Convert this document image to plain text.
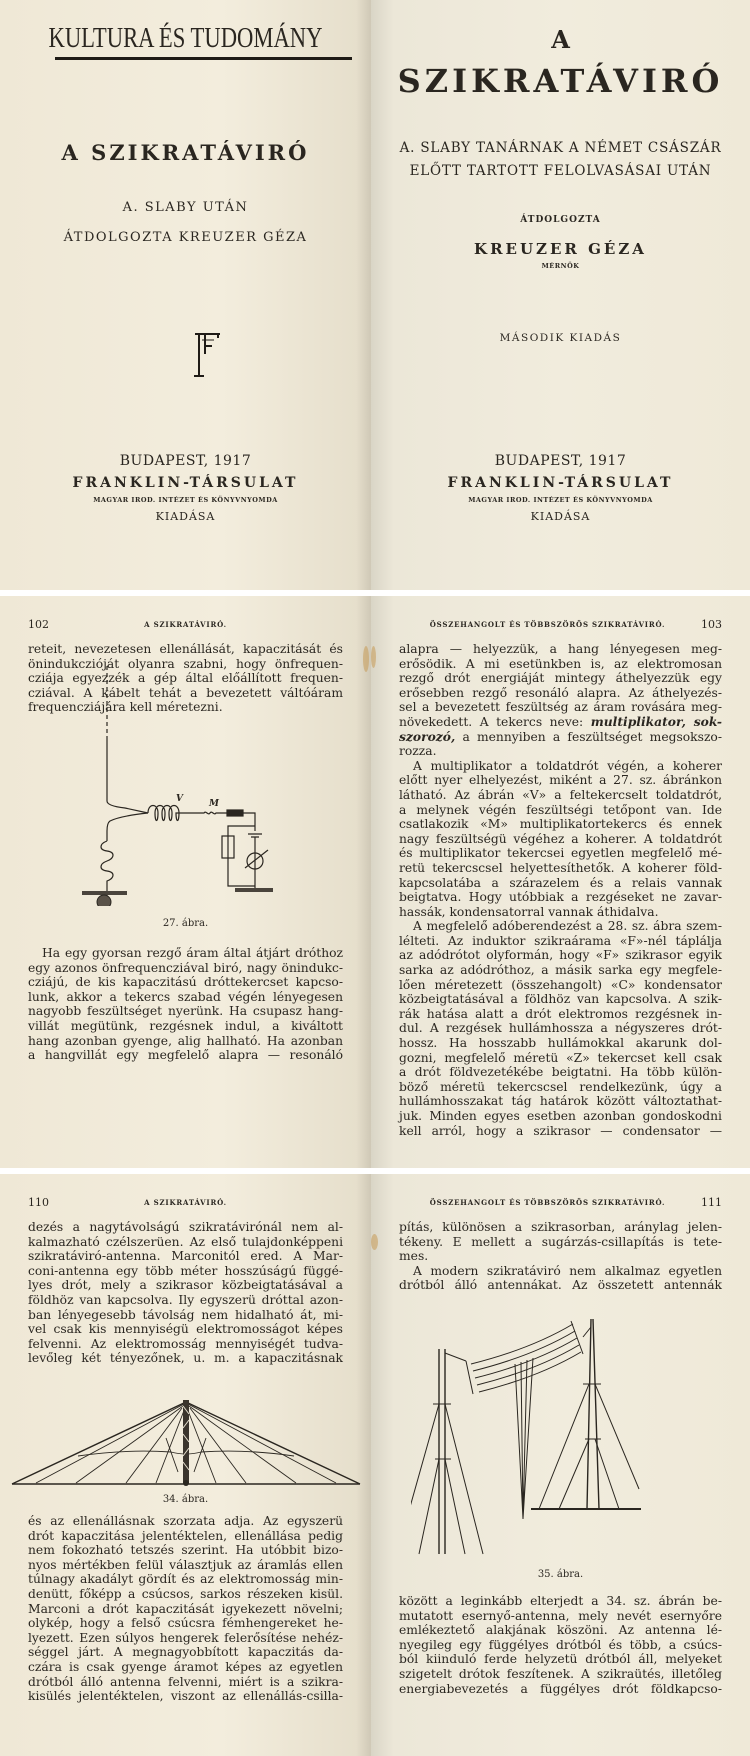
KULTURA ÉS TUDOMÁNY
A SZIKRATÁVIRÓ
A. SLABY UTÁN
ÁTDOLGOZTA KREUZER GÉZA
BUDAPEST, 1917
FRANKLIN-TÁRSULAT
MAGYAR IROD. INTÉZET ÉS KÖNYVNYOMDA
KIADÁSA
A
SZIKRATÁVIRÓ
A. SLABY TANÁRNAK A NÉMET CSÁSZÁR
ELŐTT TARTOTT FELOLVASÁSAI UTÁN
ÁTDOLGOZTA
KREUZER GÉZA
MÉRNÖK
MÁSODIK KIADÁS
BUDAPEST, 1917
FRANKLIN-TÁRSULAT
MAGYAR IROD. INTÉZET ÉS KÖNYVNYOMDA
KIADÁSA
102	A SZIKRATÁVIRÓ.

reteit, nevezetesen ellenállását, kapaczitását és

önindukczióját olyanra szabni, hogy önfrequen-

cziája egyezzék a gép által előállított frequen-

cziával. A kábelt tehát a bevezetett váltóáram

frequencziájára kell méretezni.

V	M
27. ábra.

Ha egy gyorsan rezgő áram által átjárt dróthoz

egy azonos önfrequencziával biró, nagy önindukc-

cziájú, de kis kapaczitású dróttekercset kapcso-

lunk, akkor a tekercs szabad végén lényegesen

nagyobb feszültséget nyerünk. Ha csupasz hang-

villát megütünk, rezgésnek indul, a kiváltott

hang azonban gyenge, alig hallható. Ha azonban

a hangvillát egy megfelelő alapra — resonáló

ÖSSZEHANGOLT ÉS TÖBBSZÖRÖS SZIKRATÁVIRÓ.	103

alapra — helyezzük, a hang lényegesen meg-

erősödik. A mi esetünkben is, az elektromosan

rezgő drót energiáját mintegy áthelyezzük egy

erősebben rezgő resonáló alapra. Az áthelyezés-

sel a bevezetett feszültség az áram rovására meg-

növekedett. A tekercs neve: multiplikator, sok-

szorozó, a mennyiben a feszültséget megsokszo-

rozza.

A multiplikator a toldatdrót végén, a koherer

előtt nyer elhelyezést, miként a 27. sz. ábránkon

látható. Az ábrán «V» a feltekercselt toldatdrót,

a melynek végén feszültségi tetőpont van. Ide

csatlakozik «M» multiplikatortekercs és ennek

nagy feszültségü végéhez a koherer. A toldatdrót

és multiplikator tekercsei egyetlen megfelelő mé-

retü tekercscsel helyettesíthetők. A koherer föld-

kapcsolatába a szárazelem és a relais vannak

beigtatva. Hogy utóbbiak a rezgéseket ne zavar-

hassák, kondensatorral vannak áthidalva.

A megfelelő adóberendezést a 28. sz. ábra szem-

lélteti. Az induktor szikraárama «F»-nél táplálja

az adódrótot olyformán, hogy «F» szikrasor egyik

sarka az adódróthoz, a másik sarka egy megfele-

lően méretezett (összehangolt) «C» kondensator

közbeigtatásával a földhöz van kapcsolva. A szik-

rák hatása alatt a drót elektromos rezgésnek in-

dul. A rezgések hullámhossza a négyszeres drót-

hossz. Ha hosszabb hullámokkal akarunk dol-

gozni, megfelelő méretü «Z» tekercset kell csak

a drót földvezetékébe beigtatni. Ha több külön-

böző méretü tekercscsel rendelkezünk, úgy a

hullámhosszakat tág határok között változtathat-

juk. Minden egyes esetben azonban gondoskodni

kell arról, hogy a szikrasor — condensator —

110	A SZIKRATÁVIRÓ.

dezés a nagytávolságú szikratávirónál nem al-

kalmazható czélszerüen. Az első tulajdonképpeni

szikratáviró-antenna. Marconitól ered. A Mar-

coni-antenna egy több méter hosszúságú függé-

lyes drót, mely a szikrasor közbeigtatásával a

földhöz van kapcsolva. Ily egyszerü dróttal azon-

ban lényegesebb távolság nem hidalható át, mi-

vel csak kis mennyiségü elektromosságot képes

felvenni. Az elektromosság mennyiségét tudva-

levőleg két tényezőnek, u. m. a kapaczitásnak

34. ábra.

és az ellenállásnak szorzata adja. Az egyszerü

drót kapaczitása jelentéktelen, ellenállása pedig

nem fokozható tetszés szerint. Ha utóbbit bizo-

nyos mértékben felül választjuk az áramlás ellen

túlnagy akadályt gördít és az elektromosság min-

denütt, főképp a csúcsos, sarkos részeken kisül.

Marconi a drót kapaczitását igyekezett növelni;

olykép, hogy a felső csúcsra fémhengereket he-

lyezett. Ezen súlyos hengerek felerősítése nehéz-

séggel járt. A megnagyobbított kapaczitás da-

czára is csak gyenge áramot képes az egyetlen

drótból álló antenna felvenni, miért is a szikra-

kisülés jelentéktelen, viszont az ellenállás-csilla-

ÖSSZEHANGOLT ÉS TÖBBSZÖRÖS SZIKRATÁVIRÓ.	111

pítás, különösen a szikrasorban, aránylag jelen-

tékeny. E mellett a sugárzás-csillapítás is tete-

mes.

A modern szikratáviró nem alkalmaz egyetlen

drótból álló antennákat. Az összetett antennák

35. ábra.

között a leginkább elterjedt a 34. sz. ábrán be-

mutatott esernyő-antenna, mely nevét esernyőre

emlékeztető alakjának köszöni. Az antenna lé-

nyegileg egy függélyes drótból és több, a csúcs-

ból kiinduló ferde helyzetü drótból áll, melyeket

szigetelt drótok feszítenek. A szikraütés, illetőleg

energiabevezetés a függélyes drót földkapcso-
